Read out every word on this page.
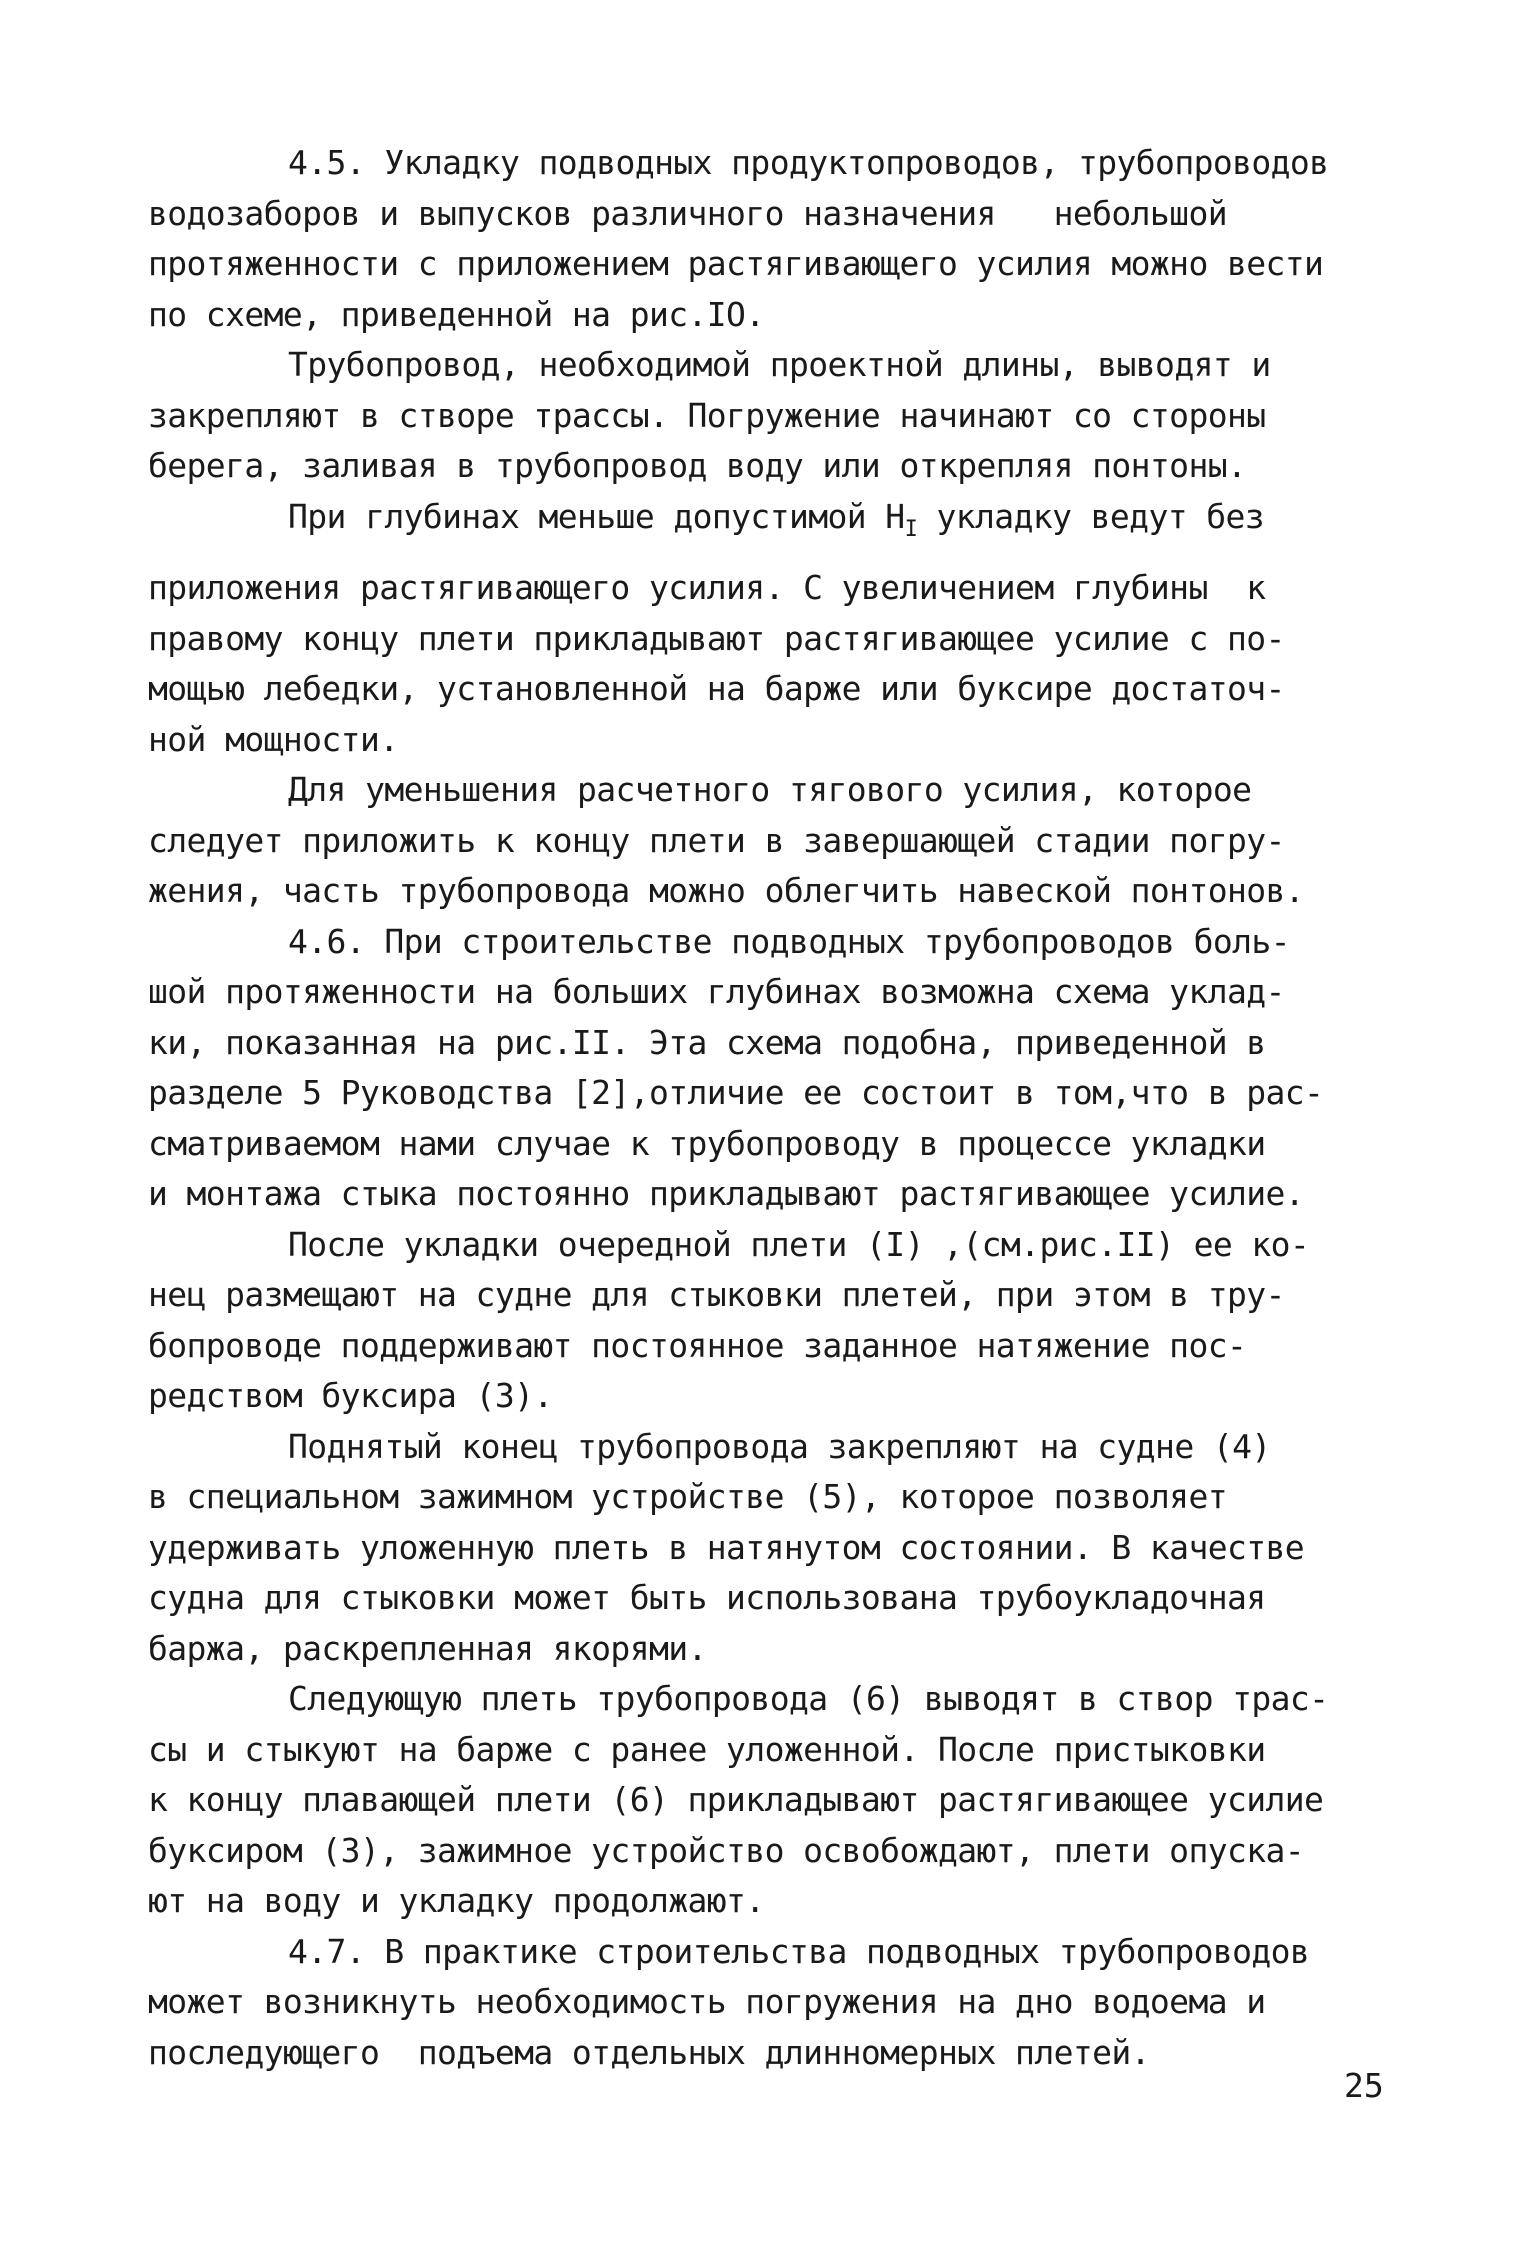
4.5. Укладку подводных продуктопроводов, трубопроводов
водозаборов и выпусков различного назначения   небольшой
протяженности с приложением растягивающего усилия можно вести
по схеме, приведенной на рис.IO.

Трубопровод, необходимой проектной длины, выводят и
закрепляют в створе трассы. Погружение начинают со стороны
берега, заливая в трубопровод воду или открепляя понтоны.

При глубинах меньше допустимой $H_I$ укладку ведут без
приложения растягивающего усилия. С увеличением глубины  к
правому концу плети прикладывают растягивающее усилие с по-
мощью лебедки, установленной на барже или буксире достаточ-
ной мощности.

Для уменьшения расчетного тягового усилия, которое
следует приложить к концу плети в завершающей стадии погру-
жения, часть трубопровода можно облегчить навеской понтонов.

4.6. При строительстве подводных трубопроводов боль-
шой протяженности на больших глубинах возможна схема уклад-
ки, показанная на рис.II. Эта схема подобна, приведенной в
разделе 5 Руководства [2],отличие ее состоит в том,что в рас-
сматриваемом нами случае к трубопроводу в процессе укладки
и монтажа стыка постоянно прикладывают растягивающее усилие.

После укладки очередной плети (I) ,(см.рис.II) ее ко-
нец размещают на судне для стыковки плетей, при этом в тру-
бопроводе поддерживают постоянное заданное натяжение пос-
редством буксира (3).

Поднятый конец трубопровода закрепляют на судне (4)
в специальном зажимном устройстве (5), которое позволяет
удерживать уложенную плеть в натянутом состоянии. В качестве
судна для стыковки может быть использована трубоукладочная
баржа, раскрепленная якорями.

Следующую плеть трубопровода (6) выводят в створ трас-
сы и стыкуют на барже с ранее уложенной. После пристыковки
к концу плавающей плети (6) прикладывают растягивающее усилие
буксиром (3), зажимное устройство освобождают, плети опуска-
ют на воду и укладку продолжают.

4.7. В практике строительства подводных трубопроводов
может возникнуть необходимость погружения на дно водоема и
последующего  подъема отдельных длинномерных плетей.

25
